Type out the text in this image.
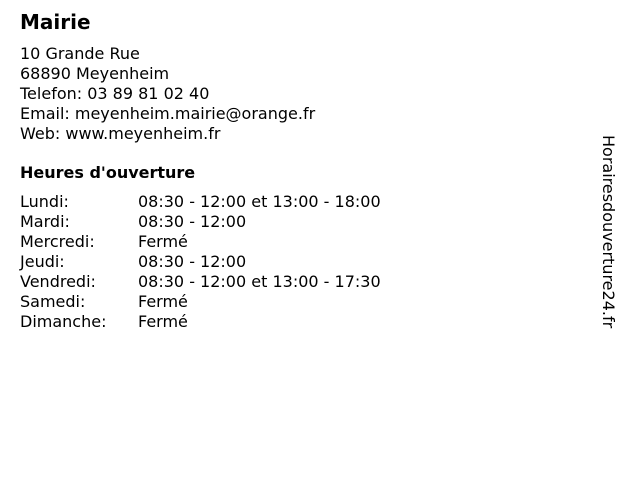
Mairie
10 Grande Rue
68890 Meyenheim
Telefon: 03 89 81 02 40
Email: meyenheim.mairie@orange.fr
Web: www.meyenheim.fr
Heures d'ouverture
Lundi:	08:30 - 12:00 et 13:00 - 18:00
Mardi:	08:30 - 12:00
Mercredi:	Fermé
Jeudi:	08:30 - 12:00
Vendredi:	08:30 - 12:00 et 13:00 - 17:30
Samedi:	Fermé
Dimanche:	Fermé	Horairesdouverture24.fr
